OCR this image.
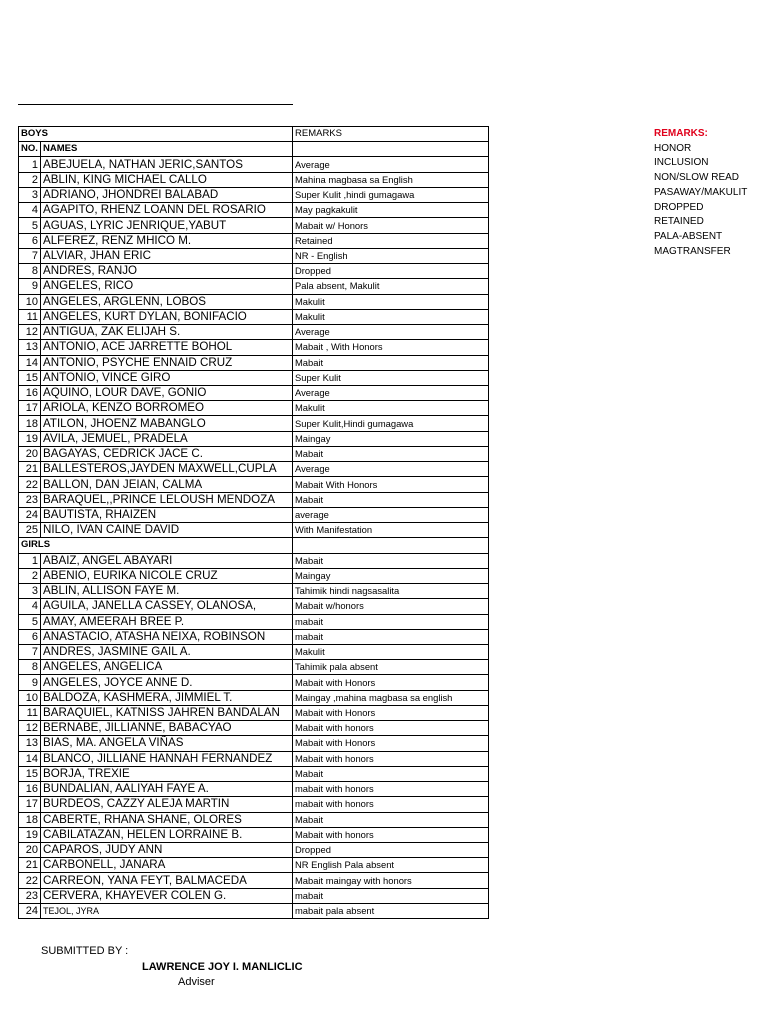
BOYS		REMARKS
NO.	NAMES	
1	ABEJUELA, NATHAN JERIC,SANTOS	Average
2	ABLIN, KING MICHAEL CALLO	Mahina magbasa sa English
3	ADRIANO, JHONDREI BALABAD	Super Kulit ,hindi gumagawa
4	AGAPITO, RHENZ LOANN DEL ROSARIO	May pagkakulit
5	AGUAS, LYRIC JENRIQUE,YABUT	Mabait w/ Honors
6	ALFEREZ, RENZ MHICO M.	Retained
7	ALVIAR, JHAN ERIC	NR - English
8	ANDRES, RANJO	Dropped
9	ANGELES, RICO	Pala absent, Makulit
10	ANGELES, ARGLENN, LOBOS	Makulit
11	ANGELES, KURT DYLAN, BONIFACIO	Makulit
12	ANTIGUA, ZAK ELIJAH S.	Average
13	ANTONIO, ACE JARRETTE BOHOL	Mabait , With Honors
14	ANTONIO, PSYCHE ENNAID CRUZ	Mabait
15	ANTONIO, VINCE GIRO	Super Kulit
16	AQUINO, LOUR DAVE, GONIO	Average
17	ARIOLA, KENZO BORROMEO	Makulit
18	ATILON, JHOENZ MABANGLO	Super Kulit,Hindi gumagawa
19	AVILA, JEMUEL, PRADELA	Maingay
20	BAGAYAS, CEDRICK JACE C.	Mabait
21	BALLESTEROS,JAYDEN MAXWELL,CUPLA	Average
22	BALLON, DAN JEIAN, CALMA	Mabait With Honors
23	BARAQUEL,,PRINCE LELOUSH MENDOZA	Mabait
24	BAUTISTA, RHAIZEN	average
25	NILO, IVAN CAINE DAVID	With Manifestation
GIRLS		
1	ABAIZ, ANGEL ABAYARI	Mabait
2	ABENIO, EURIKA NICOLE CRUZ	Maingay
3	ABLIN, ALLISON FAYE M.	Tahimik hindi nagsasalita
4	AGUILA, JANELLA CASSEY, OLANOSA,	Mabait w/honors
5	AMAY, AMEERAH BREE P.	mabait
6	ANASTACIO, ATASHA NEIXA, ROBINSON	mabait
7	ANDRES, JASMINE GAIL A.	Makulit
8	ANGELES, ANGELICA	Tahimik pala absent
9	ANGELES, JOYCE ANNE D.	Mabait with Honors
10	BALDOZA, KASHMERA, JIMMIEL T.	Maingay ,mahina magbasa sa english
11	BARAQUIEL, KATNISS JAHREN BANDALAN	Mabait with Honors
12	BERNABE, JILLIANNE, BABACYAO	Mabait with honors
13	BIAS, MA. ANGELA VIÑAS	Mabait with Honors
14	BLANCO, JILLIANE HANNAH FERNANDEZ	Mabait with honors
15	BORJA, TREXIE	Mabait
16	BUNDALIAN, AALIYAH FAYE A.	mabait with honors
17	BURDEOS, CAZZY ALEJA MARTIN	mabait with honors
18	CABERTE, RHANA SHANE, OLORES	Mabait
19	CABILATAZAN, HELEN LORRAINE B.	Mabait with honors
20	CAPAROS, JUDY ANN	Dropped
21	CARBONELL, JANARA	NR English Pala absent
22	CARREON, YANA FEYT, BALMACEDA	Mabait maingay with honors
23	CERVERA, KHAYEVER COLEN G.	mabait
24	TEJOL, JYRA	mabait pala absent
REMARKS:
HONOR
INCLUSION
NON/SLOW READ
PASAWAY/MAKULIT
DROPPED
RETAINED
PALA-ABSENT
MAGTRANSFER
SUBMITTED BY :
LAWRENCE JOY I. MANLICLIC
Adviser
